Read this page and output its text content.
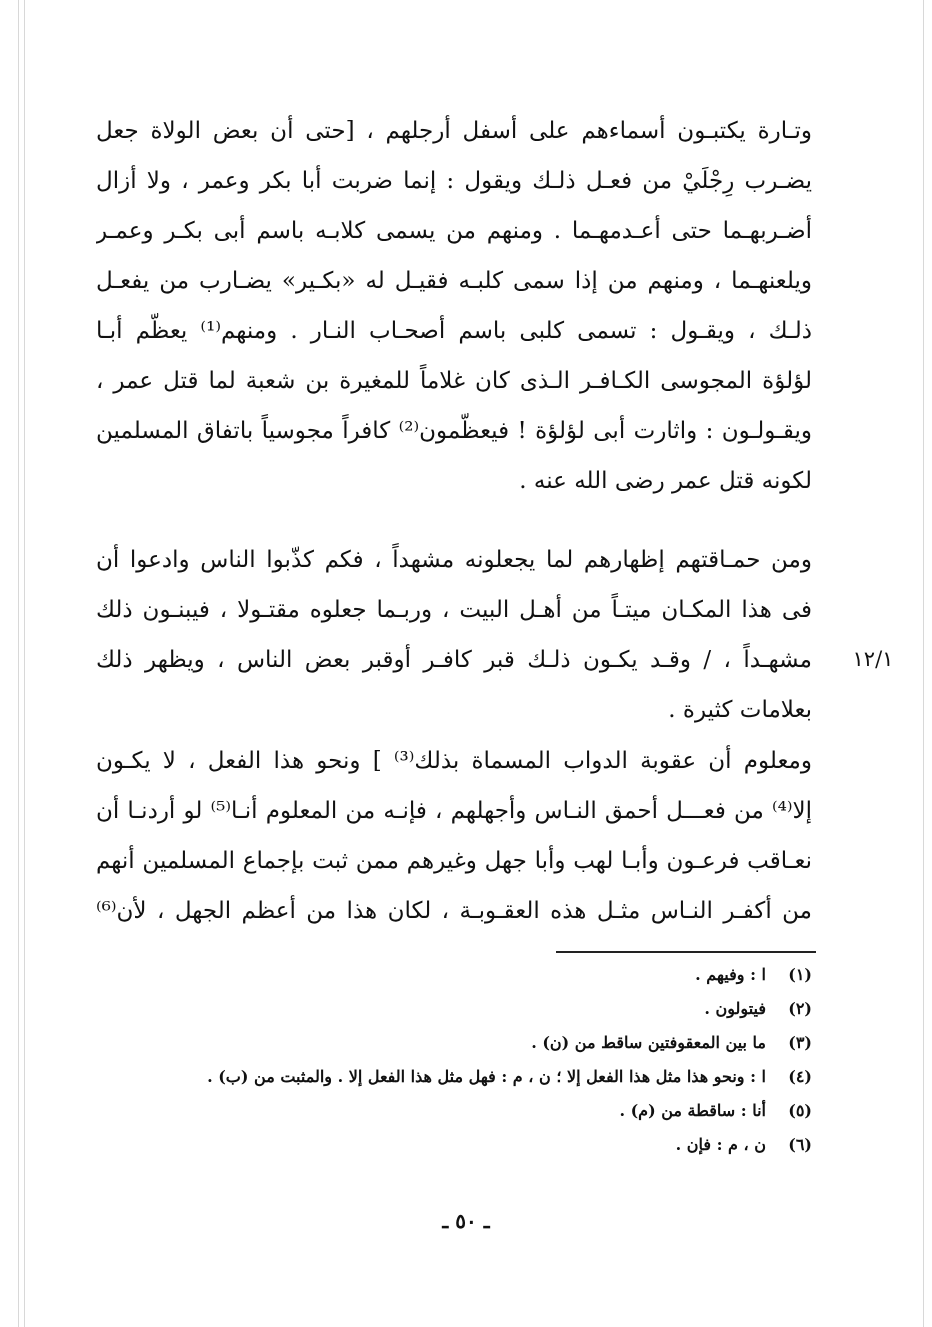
وتـارة يكتبـون أسماءهم على أسفل أرجلهم ، [حتى أن بعض الولاة جعل
يضـرب رِجْلَيْ من فعـل ذلـك ويقول : إنما ضربت أبا بكر وعمر ، ولا أزال
أضـربهـما حتى أعـدمهـما . ومنهم من يسمى كلابـه باسم أبى بكـر وعمـر
ويلعنهـما ، ومنهم من إذا سمى كلبـه فقيـل له «بكـير» يضـارب من يفعـل
ذلـك ، ويقـول : تسمى كلبى باسم أصحـاب النـار . ومنهم⁽¹⁾ يعظّم أبـا
لؤلؤة المجوسى الكـافـر الـذى كان غلاماً للمغيرة بن شعبة لما قتل عمر ،
ويقـولـون : واثارت أبى لؤلؤة ! فيعظّمون⁽²⁾ كافراً مجوسياً باتفاق المسلمين
لكونه قتل عمر رضى الله عنه .
ومن حمـاقتهم إظهارهم لما يجعلونه مشهداً ، فكم كذّبوا الناس وادعوا أن
فى هذا المكـان ميتـاً من أهـل البيت ، وربـما جعلوه مقتـولا ، فيبنـون ذلك
مشهـداً ، / وقـد يكـون ذلـك قبر كافـر أوقبر بعض الناس ، ويظهر ذلك
بعلامات كثيرة .
١٢/١
ومعلوم أن عقوبة الدواب المسماة بذلك⁽³⁾ ] ونحو هذا الفعل ، لا يكـون
إلا⁽⁴⁾ من فعـــل أحمق النـاس وأجهلهم ، فإنـه من المعلوم أنـا⁽⁵⁾ لو أردنـا أن
نعـاقب فرعـون وأبـا لهب وأبا جهل وغيرهم ممن ثبت بإجماع المسلمين أنهم
من أكفـر النـاس مثـل هذه العقـوبـة ، لكان هذا من أعظم الجهل ، لأن⁽⁶⁾
(١)ا : وفيهم .
(٢)فيتولون .
(٣)ما بين المعقوفتين ساقط من (ن) .
(٤)ا : ونحو هذا مثل هذا الفعل إلا ؛ ن ، م : فهل مثل هذا الفعل إلا . والمثبت من (ب) .
(٥)أنا : ساقطة من (م) .
(٦)ن ، م : فإن .
ـ ٥٠ ـ
